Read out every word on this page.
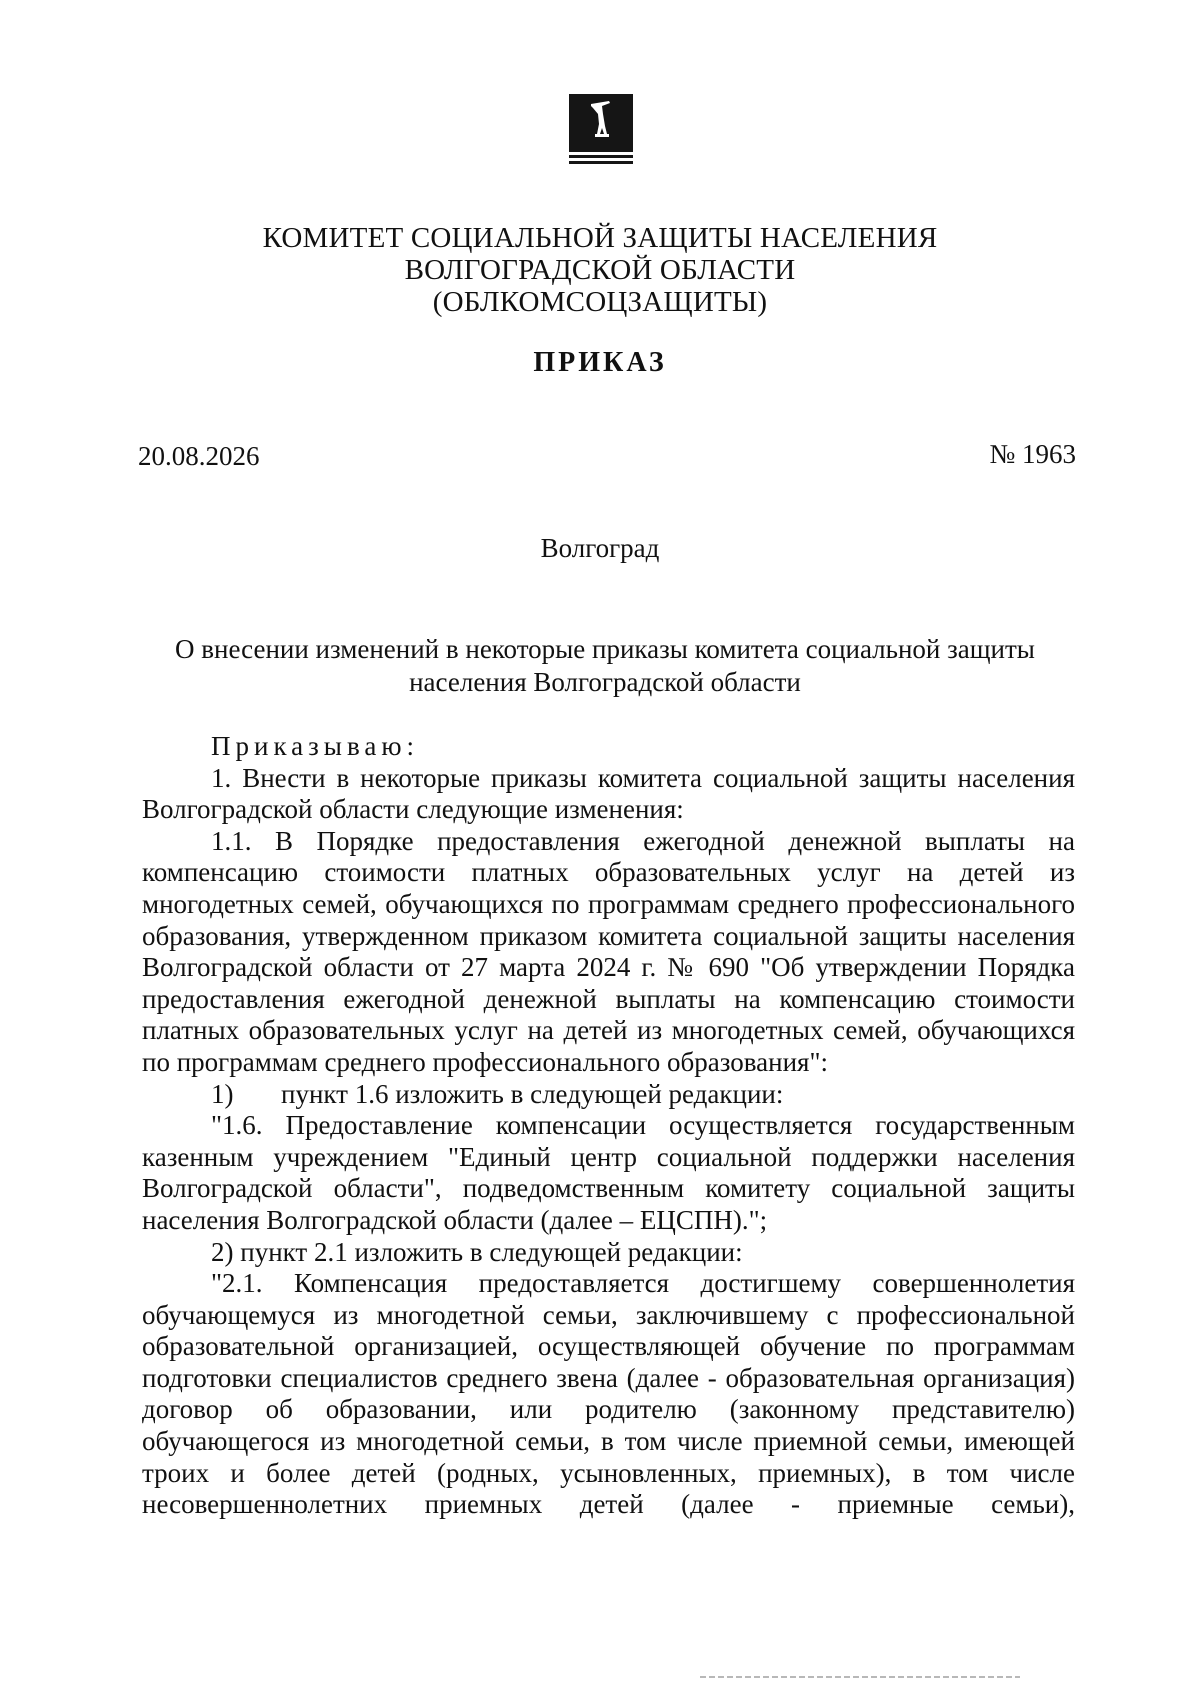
КОМИТЕТ СОЦИАЛЬНОЙ ЗАЩИТЫ НАСЕЛЕНИЯ
ВОЛГОГРАДСКОЙ ОБЛАСТИ
(ОБЛКОМСОЦЗАЩИТЫ)
ПРИКАЗ
20.08.2026	№ 1963
Волгоград
О внесении изменений в некоторые приказы комитета социальной защиты населения Волгоградской области

Приказываю:

1. Внести в некоторые приказы комитета социальной защиты населения Волгоградской области следующие изменения:

1.1. В Порядке предоставления ежегодной денежной выплаты на компенсацию стоимости платных образовательных услуг на детей из многодетных семей, обучающихся по программам среднего профессионального образования, утвержденном приказом комитета социальной защиты населения Волгоградской области от 27 марта 2024 г. № 690 "Об утверждении Порядка предоставления ежегодной денежной выплаты на компенсацию стоимости платных образовательных услуг на детей из многодетных семей, обучающихся по программам среднего профессионального образования":

1) пункт 1.6 изложить в следующей редакции:

"1.6. Предоставление компенсации осуществляется государственным казенным учреждением "Единый центр социальной поддержки населения Волгоградской области", подведомственным комитету социальной защиты населения Волгоградской области (далее – ЕЦСПН).";

2) пункт 2.1 изложить в следующей редакции:

"2.1. Компенсация предоставляется достигшему совершеннолетия обучающемуся из многодетной семьи, заключившему с профессиональной образовательной организацией, осуществляющей обучение по программам подготовки специалистов среднего звена (далее - образовательная организация) договор об образовании, или родителю (законному представителю) обучающегося из многодетной семьи, в том числе приемной семьи, имеющей троих и более детей (родных, усыновленных, приемных), в том числе несовершеннолетних приемных детей (далее - приемные семьи),
